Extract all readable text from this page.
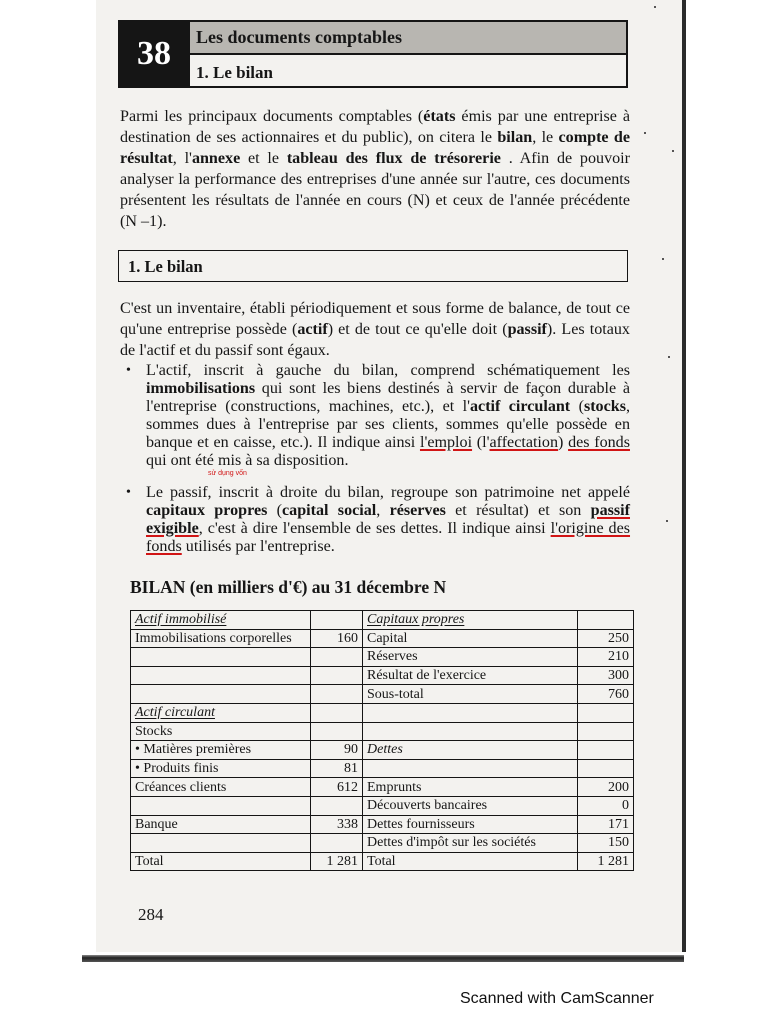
38	Les documents comptables
1. Le bilan
Parmi les principaux documents comptables (états émis par une entreprise à destination de ses actionnaires et du public), on citera le bilan, le compte de résultat, l'annexe et le tableau des flux de trésorerie . Afin de pouvoir analyser la performance des entreprises d'une année sur l'autre, ces documents présentent les résultats de l'année en cours (N) et ceux de l'année précédente (N –1).
1. Le bilan
C'est un inventaire, établi périodiquement et sous forme de balance, de tout ce qu'une entreprise possède (actif) et de tout ce qu'elle doit (passif). Les totaux de l'actif et du passif sont égaux.
• L'actif, inscrit à gauche du bilan, comprend schématiquement les immobilisations qui sont les biens destinés à servir de façon durable à l'entreprise (constructions, machines, etc.), et l'actif circulant (stocks, sommes dues à l'entreprise par ses clients, sommes qu'elle possède en banque et en caisse, etc.). Il indique ainsi l'emploi (l'affectation) des fonds qui ont été mis à sa disposition.
• Le passif, inscrit à droite du bilan, regroupe son patrimoine net appelé capitaux propres (capital social, réserves et résultat) et son passif exigible, c'est à dire l'ensemble de ses dettes. Il indique ainsi l'origine des fonds utilisés par l'entreprise.
sử dụng vốn
BILAN (en milliers d'€) au 31 décembre N
Actif immobilisé		Capitaux propres	
Immobilisations corporelles	160	Capital	250
		Réserves	210
		Résultat de l'exercice	300
		Sous-total	760
Actif circulant			
Stocks			
• Matières premières	90	Dettes	
• Produits finis	81		
Créances clients	612	Emprunts	200
		Découverts bancaires	0
Banque	338	Dettes fournisseurs	171
		Dettes d'impôt sur les sociétés	150
Total	1 281	Total	1 281
284
Scanned with CamScanner
